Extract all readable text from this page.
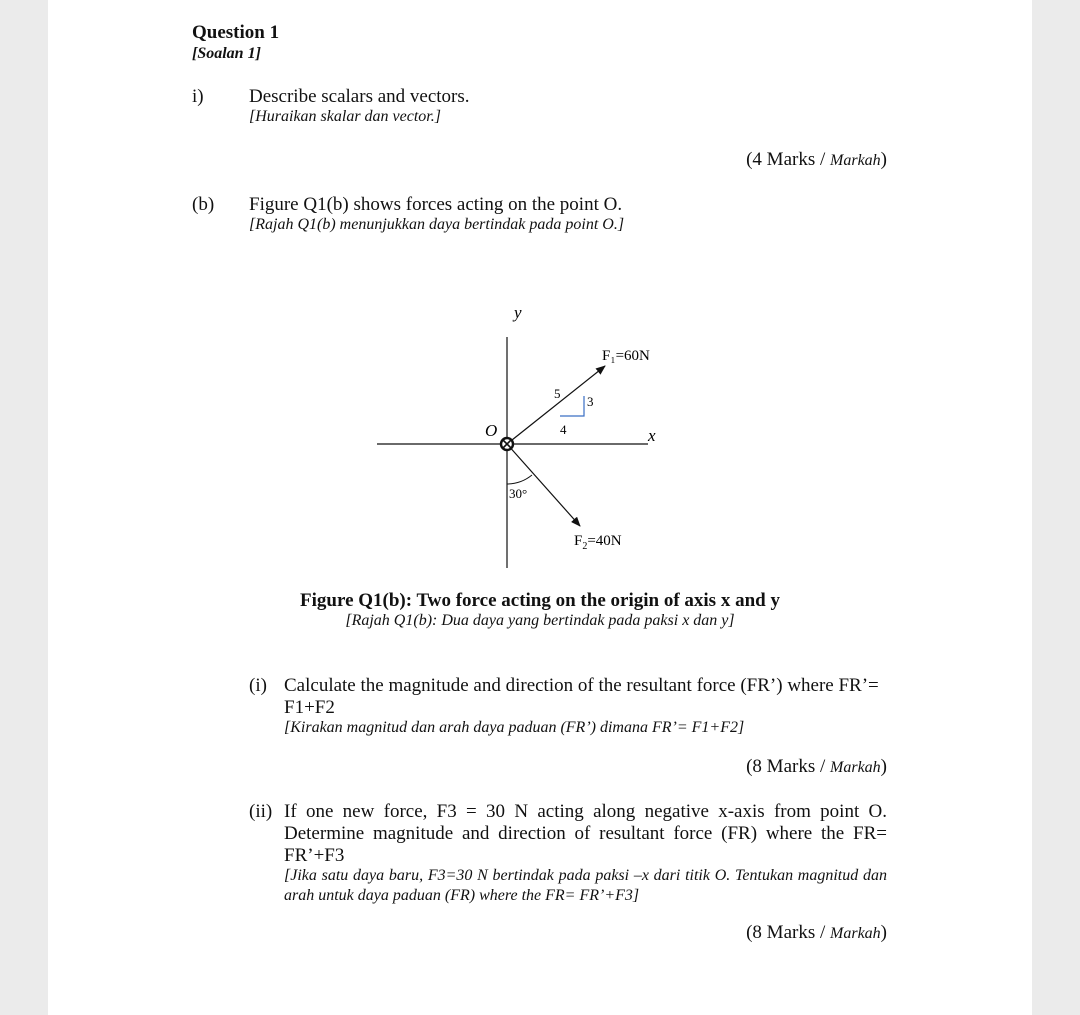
Question 1
[Soalan 1]
i) Describe scalars and vectors.
[Huraikan skalar dan vector.]
(4 Marks / Markah)
(b) Figure Q1(b) shows forces acting on the point O.
[Rajah Q1(b) menunjukkan daya bertindak pada point O.]
y
x
O
F₁=60N
$F_2=40N$
5
3
4
30°
Figure Q1(b): Two force acting on the origin of axis x and y
[Rajah Q1(b): Dua daya yang bertindak pada paksi x dan y]
(i) Calculate the magnitude and direction of the resultant force (FR’) where FR’=
F1+F2
[Kirakan magnitud dan arah daya paduan (FR’) dimana FR’= F1+F2]
(8 Marks / Markah)
(ii) If one new force, F3 = 30 N acting along negative x-axis from point O. Determine magnitude and direction of resultant force (FR) where the FR= FR’+F3
[Jika satu daya baru, F3=30 N bertindak pada paksi –x dari titik O. Tentukan magnitud dan arah untuk daya paduan (FR) where the FR= FR’+F3]
(8 Marks / Markah)
